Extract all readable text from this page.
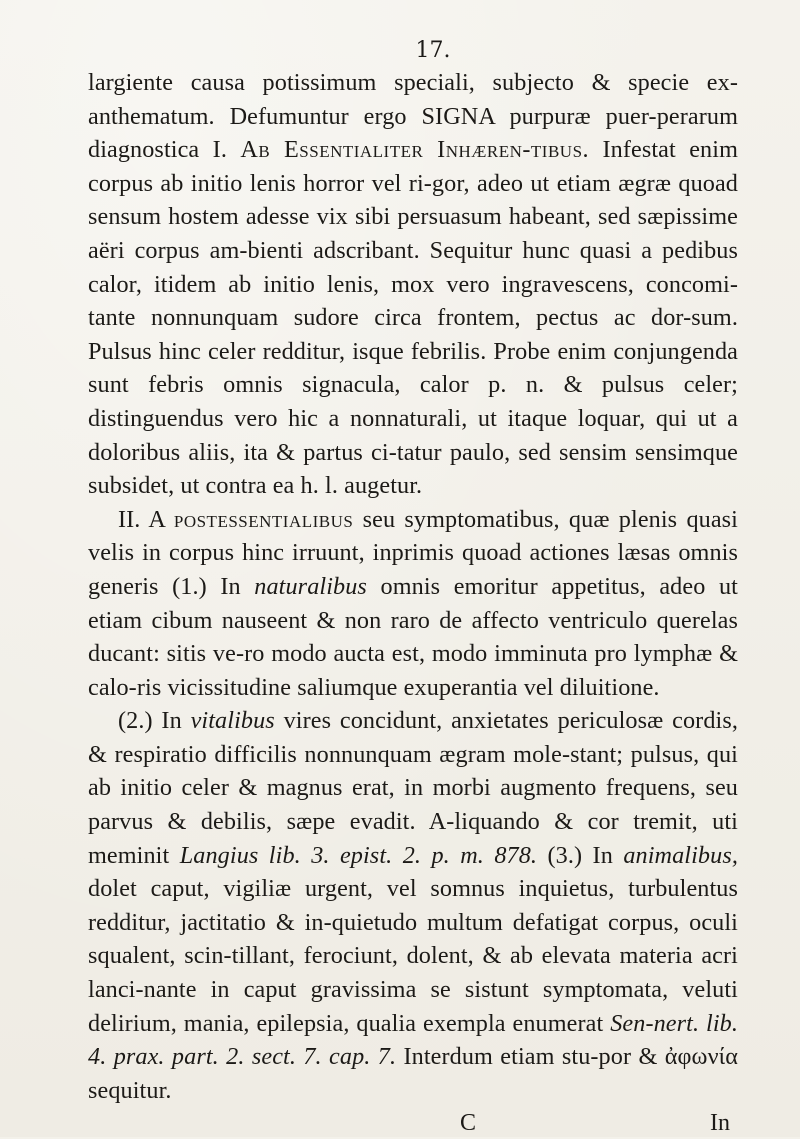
17.

largiente causa potissimum speciali, subjecto & specie ex-anthematum. Defumuntur ergo SIGNA purpuræ puer-perarum diagnostica I. Ab Essentialiter Inhæren-tibus. Infestat enim corpus ab initio lenis horror vel ri-gor, adeo ut etiam ægræ quoad sensum hostem adesse vix sibi persuasum habeant, sed sæpissime aëri corpus am-bienti adscribant. Sequitur hunc quasi a pedibus calor, itidem ab initio lenis, mox vero ingravescens, concomi-tante nonnunquam sudore circa frontem, pectus ac dor-sum. Pulsus hinc celer redditur, isque febrilis. Probe enim conjungenda sunt febris omnis signacula, calor p. n. & pulsus celer; distinguendus vero hic a nonnaturali, ut itaque loquar, qui ut a doloribus aliis, ita & partus ci-tatur paulo, sed sensim sensimque subsidet, ut contra ea h. l. augetur.

II. A postessentialibus seu symptomatibus, quæ plenis quasi velis in corpus hinc irruunt, inprimis quoad actiones læsas omnis generis (1.) In naturalibus omnis emoritur appetitus, adeo ut etiam cibum nauseent & non raro de affecto ventriculo querelas ducant: sitis ve-ro modo aucta est, modo imminuta pro lymphæ & calo-ris vicissitudine saliumque exuperantia vel diluitione.

(2.) In vitalibus vires concidunt, anxietates periculosæ cordis, & respiratio difficilis nonnunquam ægram mole-stant; pulsus, qui ab initio celer & magnus erat, in morbi augmento frequens, seu parvus & debilis, sæpe evadit. A-liquando & cor tremit, uti meminit Langius lib. 3. epist. 2. p. m. 878. (3.) In animalibus, dolet caput, vigiliæ urgent, vel somnus inquietus, turbulentus redditur, jactitatio & in-quietudo multum defatigat corpus, oculi squalent, scin-tillant, ferociunt, dolent, & ab elevata materia acri lanci-nante in caput gravissima se sistunt symptomata, veluti delirium, mania, epilepsia, qualia exempla enumerat Sen-nert. lib. 4. prax. part. 2. sect. 7. cap. 7. Interdum etiam stu-por & ἀφωνία sequitur.

C	In
